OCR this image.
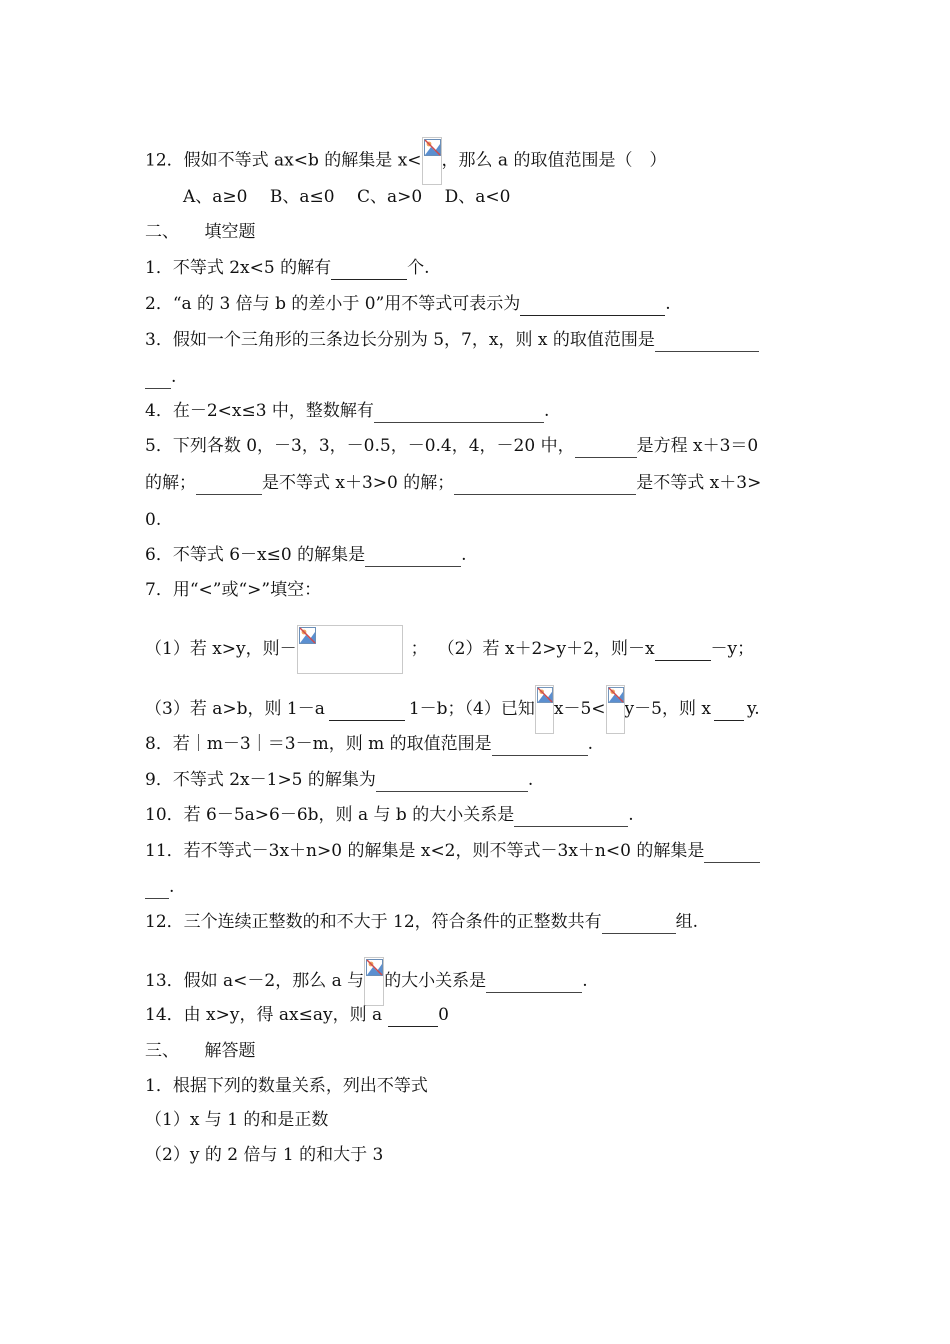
12．假如不等式 ax<b 的解集是 x< ，那么 a 的取值范围是（　）
A、a≥0　 B、a≤0　 C、a>0　 D、a<0
二、　　填空题
1．不等式 2x<5 的解有	个.
2．“a 的 3 倍与 b 的差小于 0”用不等式可表示为	.
3．假如一个三角形的三条边长分别为 5，7，x，则 x 的取值范围是
.
4．在－2<x≤3 中，整数解有	.
5．下列各数 0，－3，3，－0.5，－0.4，4，－20 中，	是方程 x＋3＝0
的解；	是不等式 x＋3>0 的解；	是不等式 x＋3>
0.
6．不等式 6－x≤0 的解集是	.
7．用“<”或“>”填空：
（1）若 x>y，则－	； （2）若 x＋2>y＋2，则－x	－y；
（3）若 a>b，则 1－a	1－b；（4）已知 x－5< y－5，则 x y.
8．若｜m－3｜＝3－m，则 m 的取值范围是	.
9．不等式 2x－1>5 的解集为	.
10．若 6－5a>6－6b，则 a 与 b 的大小关系是	.
11．若不等式－3x＋n>0 的解集是 x<2，则不等式－3x＋n<0 的解集是
.
12．三个连续正整数的和不大于 12，符合条件的正整数共有	组.
13．假如 a<－2，那么 a 与 的大小关系是	.
14．由 x>y，得 ax≤ay，则 a	0
三、　　解答题
1．根据下列的数量关系，列出不等式
（1）x 与 1 的和是正数
（2）y 的 2 倍与 1 的和大于 3
